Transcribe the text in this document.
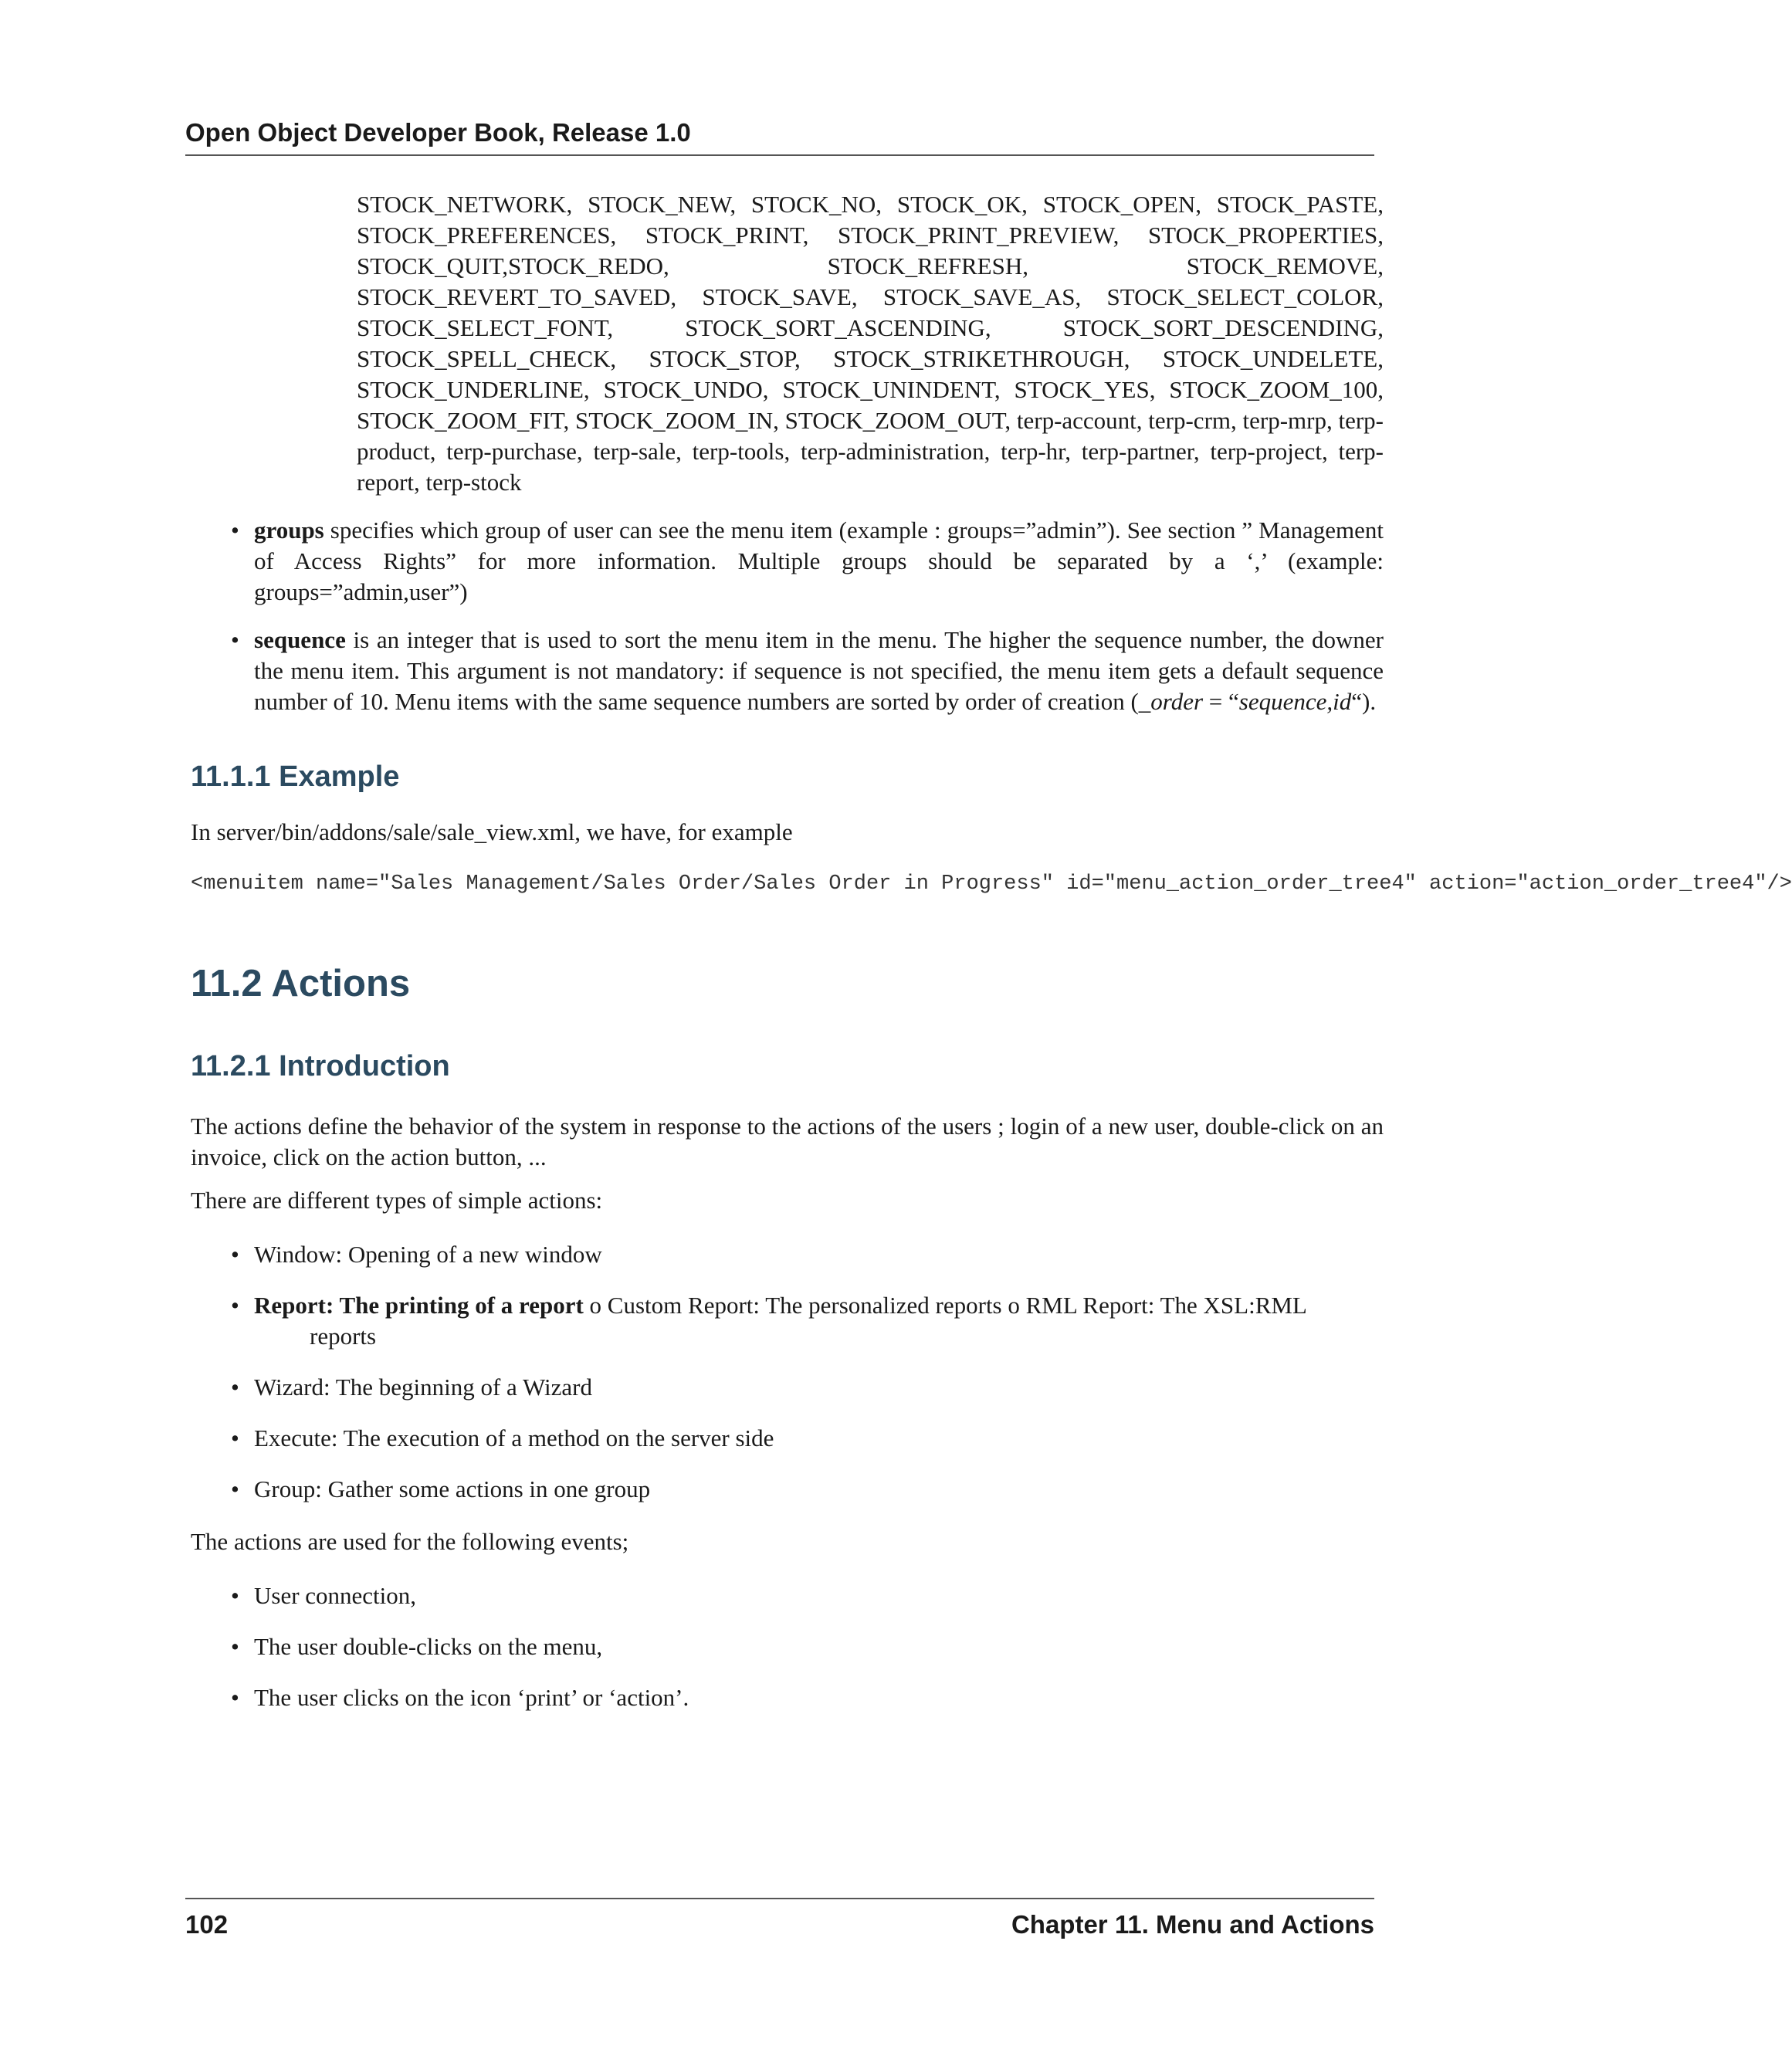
Open Object Developer Book, Release 1.0
STOCK_NETWORK, STOCK_NEW, STOCK_NO, STOCK_OK, STOCK_OPEN, STOCK_PASTE, STOCK_PREFERENCES, STOCK_PRINT, STOCK_PRINT_PREVIEW, STOCK_PROPERTIES, STOCK_QUIT,STOCK_REDO, STOCK_REFRESH, STOCK_REMOVE, STOCK_REVERT_TO_SAVED, STOCK_SAVE, STOCK_SAVE_AS, STOCK_SELECT_COLOR, STOCK_SELECT_FONT, STOCK_SORT_ASCENDING, STOCK_SORT_DESCENDING, STOCK_SPELL_CHECK, STOCK_STOP, STOCK_STRIKETHROUGH, STOCK_UNDELETE, STOCK_UNDERLINE, STOCK_UNDO, STOCK_UNINDENT, STOCK_YES, STOCK_ZOOM_100, STOCK_ZOOM_FIT, STOCK_ZOOM_IN, STOCK_ZOOM_OUT, terp-account, terp-crm, terp-mrp, terp-product, terp-purchase, terp-sale, terp-tools, terp-administration, terp-hr, terp-partner, terp-project, terp-report, terp-stock
• groups specifies which group of user can see the menu item (example : groups=”admin”). See section ” Management of Access Rights” for more information. Multiple groups should be separated by a ‘,’ (example: groups=”admin,user”)
• sequence is an integer that is used to sort the menu item in the menu. The higher the sequence number, the downer the menu item. This argument is not mandatory: if sequence is not specified, the menu item gets a default sequence number of 10. Menu items with the same sequence numbers are sorted by order of creation (_order = “sequence,id“).
11.1.1 Example

In server/bin/addons/sale/sale_view.xml, we have, for example

<menuitem name="Sales Management/Sales Order/Sales Order in Progress" id="menu_action_order_tree4" action="action_order_tree4"/>
11.2 Actions
11.2.1 Introduction

The actions define the behavior of the system in response to the actions of the users ; login of a new user, double-click on an invoice, click on the action button, ...

There are different types of simple actions:

• Window: Opening of a new window
• Report: The printing of a report o Custom Report: The personalized reports o RML Report: The XSL:RML
reports
• Wizard: The beginning of a Wizard
• Execute: The execution of a method on the server side
• Group: Gather some actions in one group

The actions are used for the following events;

• User connection,
• The user double-clicks on the menu,
• The user clicks on the icon ‘print’ or ‘action’.
102	Chapter 11. Menu and Actions
